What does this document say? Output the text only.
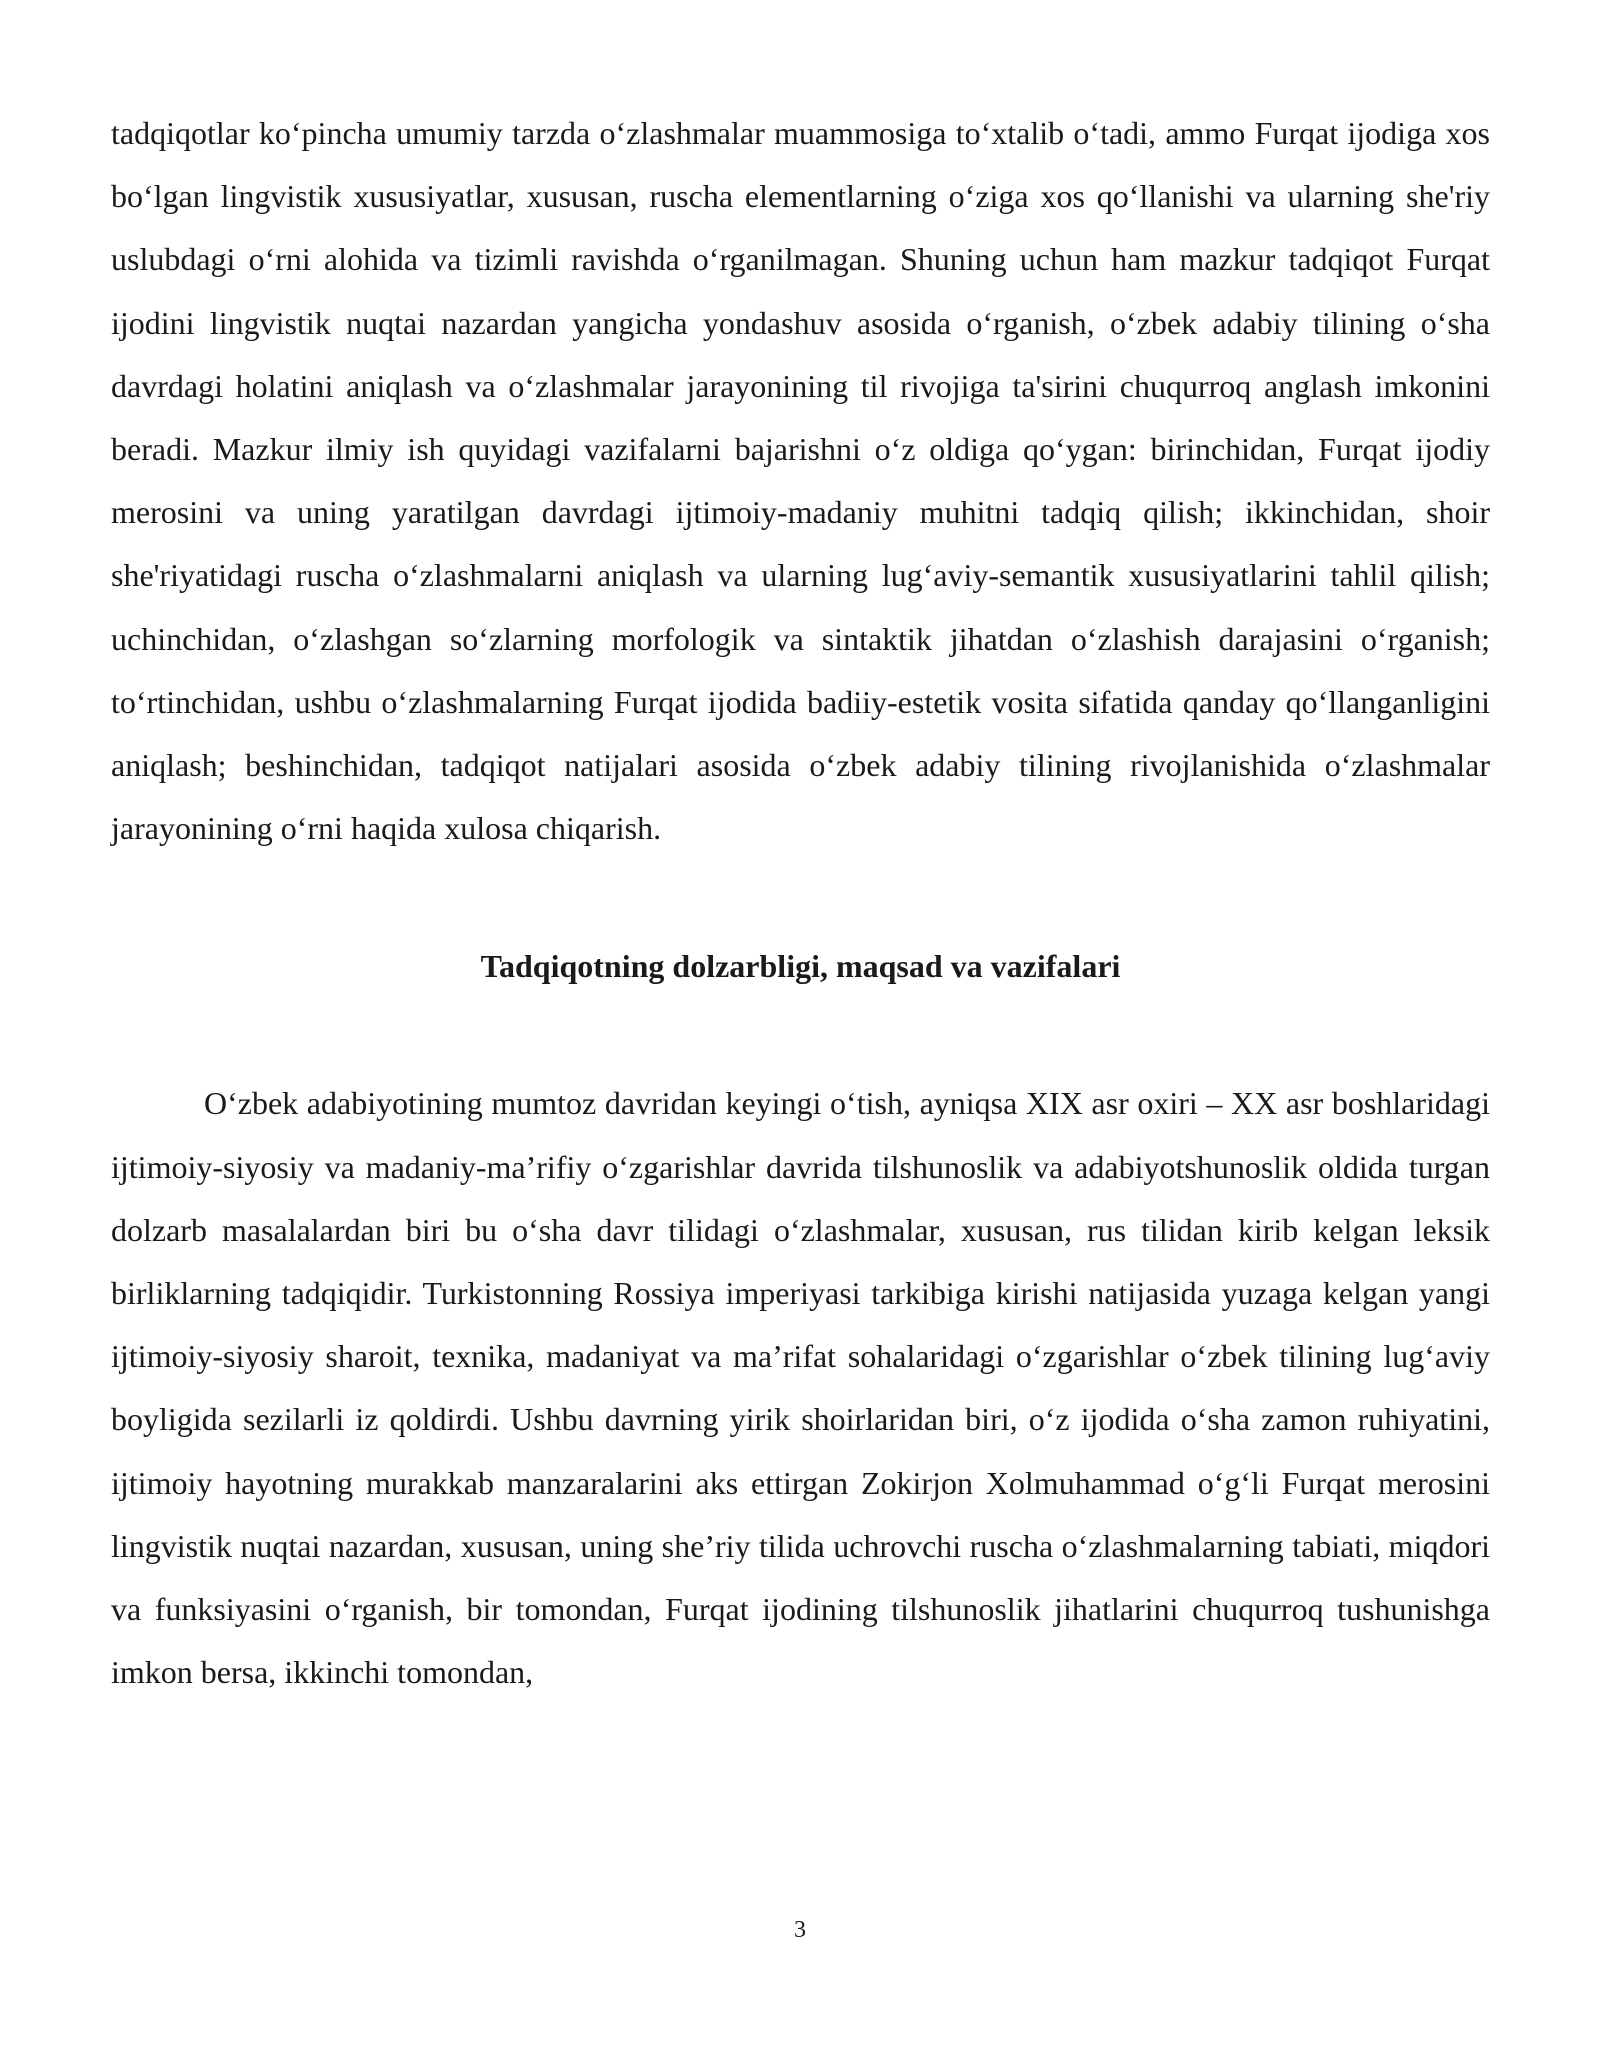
tadqiqotlar ko‘pincha umumiy tarzda o‘zlashmalar muammosiga to‘xtalib o‘tadi, ammo Furqat ijodiga xos bo‘lgan lingvistik xususiyatlar, xususan, ruscha elementlarning o‘ziga xos qo‘llanishi va ularning she'riy uslubdagi o‘rni alohida va tizimli ravishda o‘rganilmagan. Shuning uchun ham mazkur tadqiqot Furqat ijodini lingvistik nuqtai nazardan yangicha yondashuv asosida o‘rganish, o‘zbek adabiy tilining o‘sha davrdagi holatini aniqlash va o‘zlashmalar jarayonining til rivojiga ta'sirini chuqurroq anglash imkonini beradi. Mazkur ilmiy ish quyidagi vazifalarni bajarishni o‘z oldiga qo‘ygan: birinchidan, Furqat ijodiy merosini va uning yaratilgan davrdagi ijtimoiy-madaniy muhitni tadqiq qilish; ikkinchidan, shoir she'riyatidagi ruscha o‘zlashmalarni aniqlash va ularning lug‘aviy-semantik xususiyatlarini tahlil qilish; uchinchidan, o‘zlashgan so‘zlarning morfologik va sintaktik jihatdan o‘zlashish darajasini o‘rganish; to‘rtinchidan, ushbu o‘zlashmalarning Furqat ijodida badiiy-estetik vosita sifatida qanday qo‘llanganligini aniqlash; beshinchidan, tadqiqot natijalari asosida o‘zbek adabiy tilining rivojlanishida o‘zlashmalar jarayonining o‘rni haqida xulosa chiqarish.

Tadqiqotning dolzarbligi, maqsad va vazifalari

O‘zbek adabiyotining mumtoz davridan keyingi o‘tish, ayniqsa XIX asr oxiri – XX asr boshlaridagi ijtimoiy-siyosiy va madaniy-ma’rifiy o‘zgarishlar davrida tilshunoslik va adabiyotshunoslik oldida turgan dolzarb masalalardan biri bu o‘sha davr tilidagi o‘zlashmalar, xususan, rus tilidan kirib kelgan leksik birliklarning tadqiqidir. Turkistonning Rossiya imperiyasi tarkibiga kirishi natijasida yuzaga kelgan yangi ijtimoiy-siyosiy sharoit, texnika, madaniyat va ma’rifat sohalaridagi o‘zgarishlar o‘zbek tilining lug‘aviy boyligida sezilarli iz qoldirdi. Ushbu davrning yirik shoirlaridan biri, o‘z ijodida o‘sha zamon ruhiyatini, ijtimoiy hayotning murakkab manzaralarini aks ettirgan Zokirjon Xolmuhammad o‘g‘li Furqat merosini lingvistik nuqtai nazardan, xususan, uning she’riy tilida uchrovchi ruscha o‘zlashmalarning tabiati, miqdori va funksiyasini o‘rganish, bir tomondan, Furqat ijodining tilshunoslik jihatlarini chuqurroq tushunishga imkon bersa, ikkinchi tomondan,

3
